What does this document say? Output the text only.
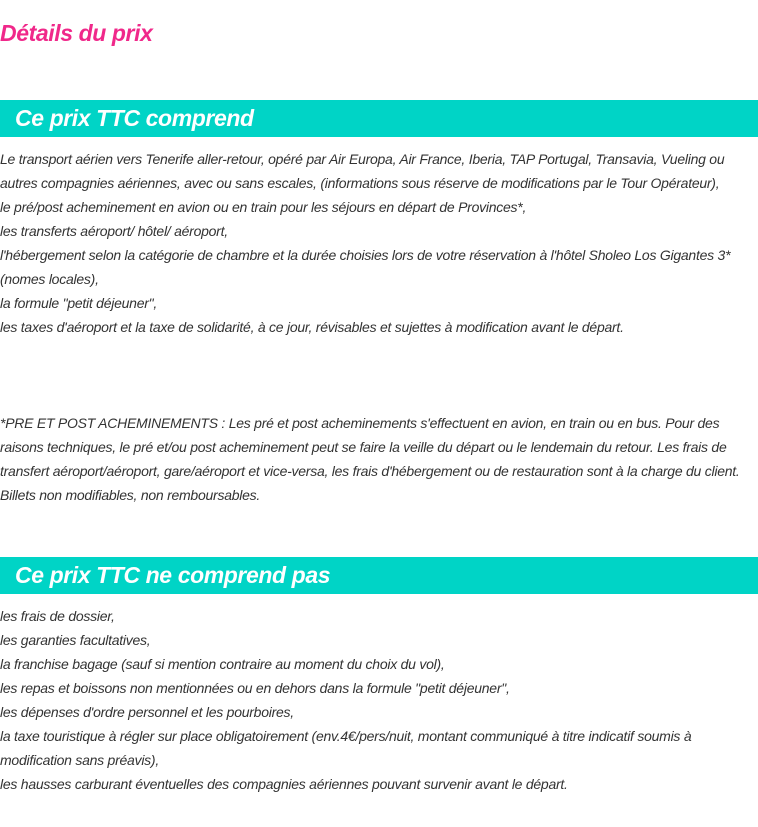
Détails du prix
Ce prix TTC comprend

Le transport aérien vers Tenerife aller-retour, opéré par Air Europa, Air France, Iberia, TAP Portugal, Transavia, Vueling ou autres compagnies aériennes, avec ou sans escales, (informations sous réserve de modifications par le Tour Opérateur),

le pré/post acheminement en avion ou en train pour les séjours en départ de Provinces*,

les transferts aéroport/ hôtel/ aéroport,

l'hébergement selon la catégorie de chambre et la durée choisies lors de votre réservation à l'hôtel Sholeo Los Gigantes 3* (nomes locales),

la formule "petit déjeuner",

les taxes d'aéroport et la taxe de solidarité, à ce jour, révisables et sujettes à modification avant le départ.

*PRE ET POST ACHEMINEMENTS : Les pré et post acheminements s'effectuent en avion, en train ou en bus. Pour des raisons techniques, le pré et/ou post acheminement peut se faire la veille du départ ou le lendemain du retour. Les frais de transfert aéroport/aéroport, gare/aéroport et vice-versa, les frais d'hébergement ou de restauration sont à la charge du client. Billets non modifiables, non remboursables.

Ce prix TTC ne comprend pas

les frais de dossier,

les garanties facultatives,

la franchise bagage (sauf si mention contraire au moment du choix du vol),

les repas et boissons non mentionnées ou en dehors dans la formule "petit déjeuner",

les dépenses d'ordre personnel et les pourboires,

la taxe touristique à régler sur place obligatoirement (env.4€/pers/nuit, montant communiqué à titre indicatif soumis à modification sans préavis),

les hausses carburant éventuelles des compagnies aériennes pouvant survenir avant le départ.
